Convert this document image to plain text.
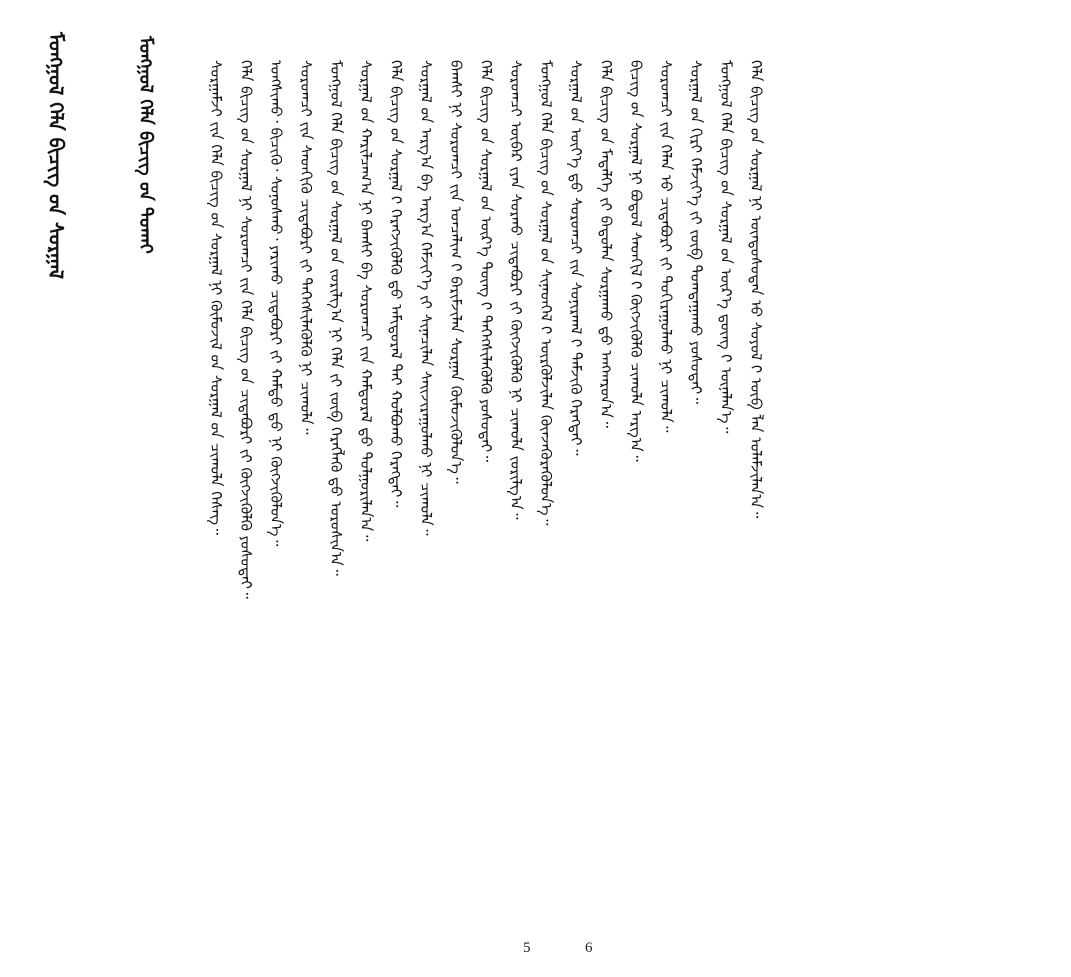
ᠮᠣᠩᠭᠣᠯ ᠬᠡᠯᠡ ᠪᠢᠴᠢᠭ ᠤ᠋ᠨ ᠰᠤᠷᠭᠠᠯ	ᠮᠣᠩᠭᠣᠯ ᠬᠡᠯᠡ ᠪᠢᠴᠢᠭ ᠤ᠋ᠨ ᠲᠤᠬᠠᠢ	ᠰᠤᠷᠭᠠᠮᠵᠢ ᠶ᠋ᠢᠨ ᠬᠡᠯᠡ ᠪᠢᠴᠢᠭ ᠤ᠋ᠨ ᠰᠤᠷᠭᠠᠯ ᠨᠢ ᠬᠦᠮᠦᠵᠢᠯ ᠦ᠋ᠨ ᠰᠤᠷᠭᠠᠯ ᠤ᠋ᠨ ᠴᠢᠬᠤᠯᠠ ᠬᠡᠰᠡᠭ᠃ ᠬᠡᠯᠡ ᠪᠢᠴᠢᠭ ᠤ᠋ᠨ ᠰᠤᠷᠭᠠᠯ ᠨᠢ ᠰᠤᠷᠤᠭᠴᠢ ᠶ᠋ᠢᠨ ᠬᠡᠯᠡ ᠪᠢᠴᠢᠭ ᠦ᠋ᠨ ᠴᠢᠳᠠᠪᠤᠷᠢ ᠶ᠋ᠢ ᠬᠥᠭᠵᠢᠭᠦᠯᠬᠦ ᠶᠣᠰᠤᠲᠠᠢ᠃ ᠤᠩᠰᠢᠬᠤ᠂ ᠪᠢᠴᠢᠬᠦ᠂ ᠰᠣᠨᠣᠰᠬᠤ᠂ ᠶᠠᠷᠢᠬᠤ ᠴᠢᠳᠠᠪᠤᠷᠢ ᠶ᠋ᠢ ᠬᠠᠮᠲᠤ ᠳ᠋ᠤ ᠨᠢ ᠬᠥᠭᠵᠢᠭᠦᠯᠦᠨ᠎ᠡ᠃ ᠰᠤᠷᠤᠭᠴᠢ ᠶ᠋ᠢᠨ ᠰᠡᠳᠬᠢᠬᠦ ᠴᠢᠳᠠᠪᠤᠷᠢ ᠶ᠋ᠢ ᠳᠡᠭᠡᠭᠰᠢᠯᠡᠭᠦᠯᠬᠦ ᠨᠢ ᠴᠢᠬᠤᠯᠠ᠃ ᠮᠣᠩᠭᠣᠯ ᠬᠡᠯᠡ ᠪᠢᠴᠢᠭ ᠤ᠋ᠨ ᠰᠤᠷᠭᠠᠯ ᠤ᠋ᠨ ᠵᠣᠷᠢᠯᠭ᠎ᠠ ᠨᠢ ᠬᠡᠯᠡ ᠶ᠋ᠢ ᠵᠥᠪ ᠬᠡᠷᠡᠭᠯᠡᠬᠦ ᠳ᠋ᠤ ᠣᠷᠤᠰᠢᠨ᠎ᠠ᠃ ᠰᠤᠷᠭᠠᠯ ᠤ᠋ᠨ ᠬᠠᠷᠢᠯᠴᠠᠭ᠎ᠠ ᠨᠢ ᠪᠠᠭᠰᠢ ᠪᠠ ᠰᠤᠷᠤᠭᠴᠢ ᠶ᠋ᠢᠨ ᠬᠠᠮᠲᠤᠷᠠᠯ ᠳ᠋ᠤ ᠲᠤᠯᠭᠤᠷᠢᠯᠠᠨ᠎ᠠ᠃ ᠬᠡᠯᠡ ᠪᠢᠴᠢᠭ ᠦ᠋ᠨ ᠰᠤᠷᠭᠠᠯ ᠢ᠋ ᠬᠡᠷᠡᠭᠵᠢᠭᠦᠯᠬᠦ ᠳ᠋ᠦ ᠠᠮᠢᠳᠤᠷᠠᠯ ᠲᠠᠢ ᠬᠣᠯᠪᠣᠬᠤ ᠬᠡᠷᠡᠭᠲᠡᠢ᠃ ᠰᠤᠷᠭᠠᠯ ᠤ᠋ᠨ ᠠᠷᠭ᠎ᠠ ᠪᠠ ᠠᠷᠭ᠎ᠠ ᠬᠡᠮᠵᠢᠶ᠎ᠡ ᠶ᠋ᠢ ᠰᠢᠨᠡᠴᠢᠯᠡᠨ ᠰᠠᠢᠵᠢᠷᠠᠭᠤᠯᠬᠤ ᠨᠢ ᠴᠢᠬᠤᠯᠠ᠃ ᠪᠠᠭᠰᠢ ᠨᠢ ᠰᠤᠷᠤᠭᠴᠢ ᠶ᠋ᠢᠨ ᠣᠨᠴᠠᠯᠢᠭ ᠢ᠋ ᠪᠠᠷᠢᠮᠵᠢᠯᠠᠨ ᠰᠤᠷᠭᠠᠨ ᠬᠦᠮᠦᠵᠢᠭᠦᠯᠦᠨ᠎ᠡ᠃ ᠬᠡᠯᠡ ᠪᠢᠴᠢᠭ ᠦ᠋ᠨ ᠰᠤᠷᠭᠠᠯ ᠤ᠋ᠨ ᠦᠷ᠎ᠡ ᠳᠦᠩ ᠢ᠋ ᠳᠡᠭᠡᠭᠰᠢᠯᠡᠭᠦᠯᠬᠦ ᠶᠣᠰᠤᠲᠠᠢ᠃ ᠰᠤᠷᠤᠭᠴᠢ ᠥᠪᠡᠷ ᠢ᠋ᠶᠡᠨ ᠰᠤᠷᠬᠤ ᠴᠢᠳᠠᠪᠤᠷᠢ ᠶ᠋ᠢ ᠬᠥᠭᠵᠢᠭᠦᠯᠬᠦ ᠨᠢ ᠴᠢᠬᠤᠯᠠ ᠵᠣᠷᠢᠯᠭ᠎ᠠ᠃ ᠮᠣᠩᠭᠣᠯ ᠬᠡᠯᠡ ᠪᠢᠴᠢᠭ ᠤ᠋ᠨ ᠰᠤᠷᠭᠠᠯ ᠤ᠋ᠨ ᠰᠢᠨᠡᠳᠬᠡᠯ ᠢ᠋ ᠦᠷᠭᠦᠯᠵᠢᠯᠡᠨ ᠭᠦᠨᠵᠡᠭᠦᠷᠡᠭᠦᠯᠦᠨ᠎ᠡ᠃ ᠰᠤᠷᠭᠠᠯ ᠤ᠋ᠨ ᠦᠶ᠎ᠡ ᠳ᠋ᠦ ᠰᠤᠷᠤᠭᠴᠢ ᠶ᠋ᠢᠨ ᠰᠣᠨᠢᠷᠬᠠᠯ ᠢ᠋ ᠳᠡᠮᠵᠢᠬᠦ ᠬᠡᠷᠡᠭᠲᠡᠢ᠃ ᠬᠡᠯᠡ ᠪᠢᠴᠢᠭ ᠦ᠋ᠨ ᠮᠡᠳᠡᠯᠭᠡ ᠶ᠋ᠢ ᠪᠠᠳᠤᠯᠠᠨ ᠰᠤᠷᠭᠠᠬᠤ ᠳ᠋ᠤ ᠠᠩᠬᠠᠷᠤᠨ᠎ᠠ᠃ ᠪᠢᠴᠢᠭ ᠦ᠋ᠨ ᠰᠤᠷᠭᠠᠯ ᠨᠢ ᠪᠣᠳᠤᠯ ᠰᠡᠳᠬᠢᠯ ᠢ᠋ ᠬᠥᠭᠵᠢᠭᠦᠯᠬᠦ ᠴᠢᠬᠤᠯᠠ ᠠᠷᠭ᠎ᠠ᠃ ᠰᠤᠷᠤᠭᠴᠢ ᠶ᠋ᠢᠨ ᠬᠡᠯᠡᠨ ᠦ᠋ ᠴᠢᠳᠠᠪᠤᠷᠢ ᠶ᠋ᠢ ᠲᠣᠬᠢᠷᠠᠭᠤᠯᠬᠤ ᠨᠢ ᠴᠢᠬᠤᠯᠠ᠃ ᠰᠤᠷᠭᠠᠯ ᠤ᠋ᠨ ᠬᠢᠷᠢ ᠬᠡᠮᠵᠢᠶ᠎ᠡ ᠶ᠋ᠢ ᠵᠥᠪ ᠲᠣᠭᠲᠠᠭᠠᠬᠤ ᠶᠣᠰᠤᠲᠠᠢ᠃ ᠮᠣᠩᠭᠣᠯ ᠬᠡᠯᠡ ᠪᠢᠴᠢᠭ ᠤ᠋ᠨ ᠰᠤᠷᠭᠠᠯ ᠤ᠋ᠨ ᠦᠷ᠎ᠡ ᠳ᠋ᠦᠩ ᠢ᠋ ᠦᠨᠡᠯᠡᠨ᠎ᠡ᠃ ᠬᠡᠯᠡ ᠪᠢᠴᠢᠭ ᠦ᠋ᠨ ᠰᠤᠷᠭᠠᠯ ᠨᠢ ᠦᠨᠳᠦᠰᠦᠲᠡᠨ ᠦ᠋ ᠰᠣᠶᠣᠯ ᠢ᠋ ᠥᠪ ᠯᠡᠨ ᠤᠯᠠᠮᠵᠢᠯᠠᠨ᠎ᠠ᠃
5	6
